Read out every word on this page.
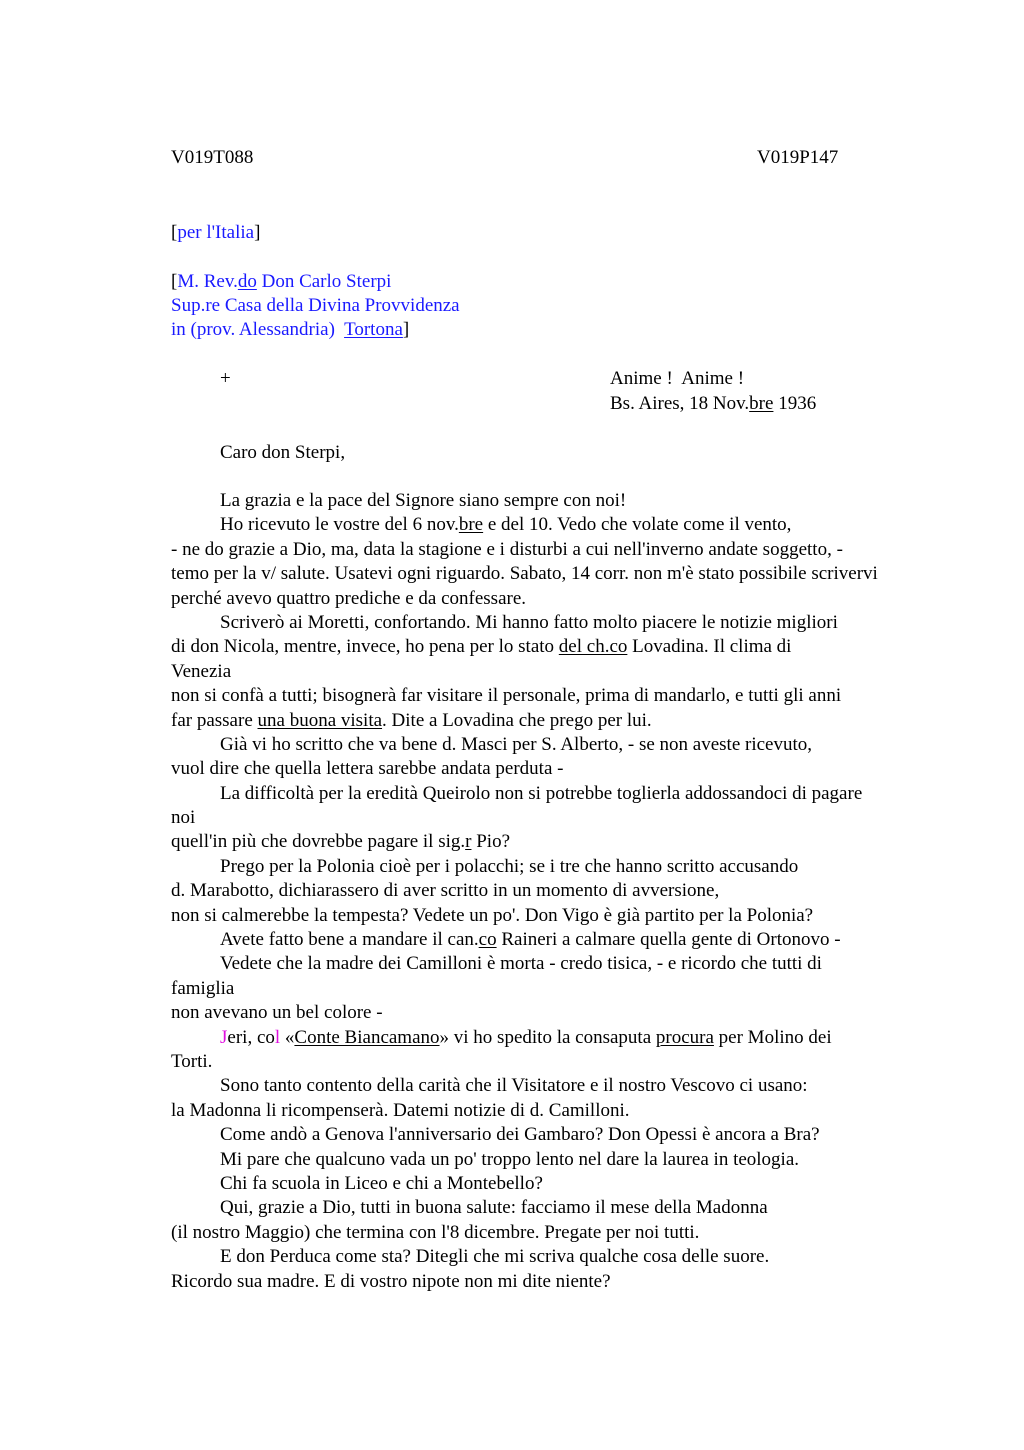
V019T088	V019P147
[per l'Italia]
[M. Rev.do Don Carlo Sterpi
Sup.re Casa della Divina Provvidenza
in (prov. Alessandria)  Tortona]
+	Anime !  Anime !
Bs. Aires, 18 Nov.bre 1936
Caro don Sterpi,
La grazia e la pace del Signore siano sempre con noi!
Ho ricevuto le vostre del 6 nov.bre e del 10. Vedo che volate come il vento,
- ne do grazie a Dio, ma, data la stagione e i disturbi a cui nell'inverno andate soggetto, -
temo per la v/ salute. Usatevi ogni riguardo. Sabato, 14 corr. non m'è stato possibile scrivervi
perché avevo quattro prediche e da confessare.
Scriverò ai Moretti, confortando. Mi hanno fatto molto piacere le notizie migliori
di don Nicola, mentre, invece, ho pena per lo stato del ch.co Lovadina. Il clima di
Venezia
non si confà a tutti; bisognerà far visitare il personale, prima di mandarlo, e tutti gli anni
far passare una buona visita. Dite a Lovadina che prego per lui.
Già vi ho scritto che va bene d. Masci per S. Alberto, - se non aveste ricevuto,
vuol dire che quella lettera sarebbe andata perduta -
La difficoltà per la eredità Queirolo non si potrebbe toglierla addossandoci di pagare
noi
quell'in più che dovrebbe pagare il sig.r Pio?
Prego per la Polonia cioè per i polacchi; se i tre che hanno scritto accusando
d. Marabotto, dichiarassero di aver scritto in un momento di avversione,
non si calmerebbe la tempesta? Vedete un po'. Don Vigo è già partito per la Polonia?
Avete fatto bene a mandare il can.co Raineri a calmare quella gente di Ortonovo -
Vedete che la madre dei Camilloni è morta - credo tisica, - e ricordo che tutti di
famiglia
non avevano un bel colore -
Jeri, col «Conte Biancamano» vi ho spedito la consaputa procura per Molino dei
Torti.
Sono tanto contento della carità che il Visitatore e il nostro Vescovo ci usano:
la Madonna li ricompenserà. Datemi notizie di d. Camilloni.
Come andò a Genova l'anniversario dei Gambaro? Don Opessi è ancora a Bra?
Mi pare che qualcuno vada un po' troppo lento nel dare la laurea in teologia.
Chi fa scuola in Liceo e chi a Montebello?
Qui, grazie a Dio, tutti in buona salute: facciamo il mese della Madonna
(il nostro Maggio) che termina con l'8 dicembre. Pregate per noi tutti.
E don Perduca come sta? Ditegli che mi scriva qualche cosa delle suore.
Ricordo sua madre. E di vostro nipote non mi dite niente?
